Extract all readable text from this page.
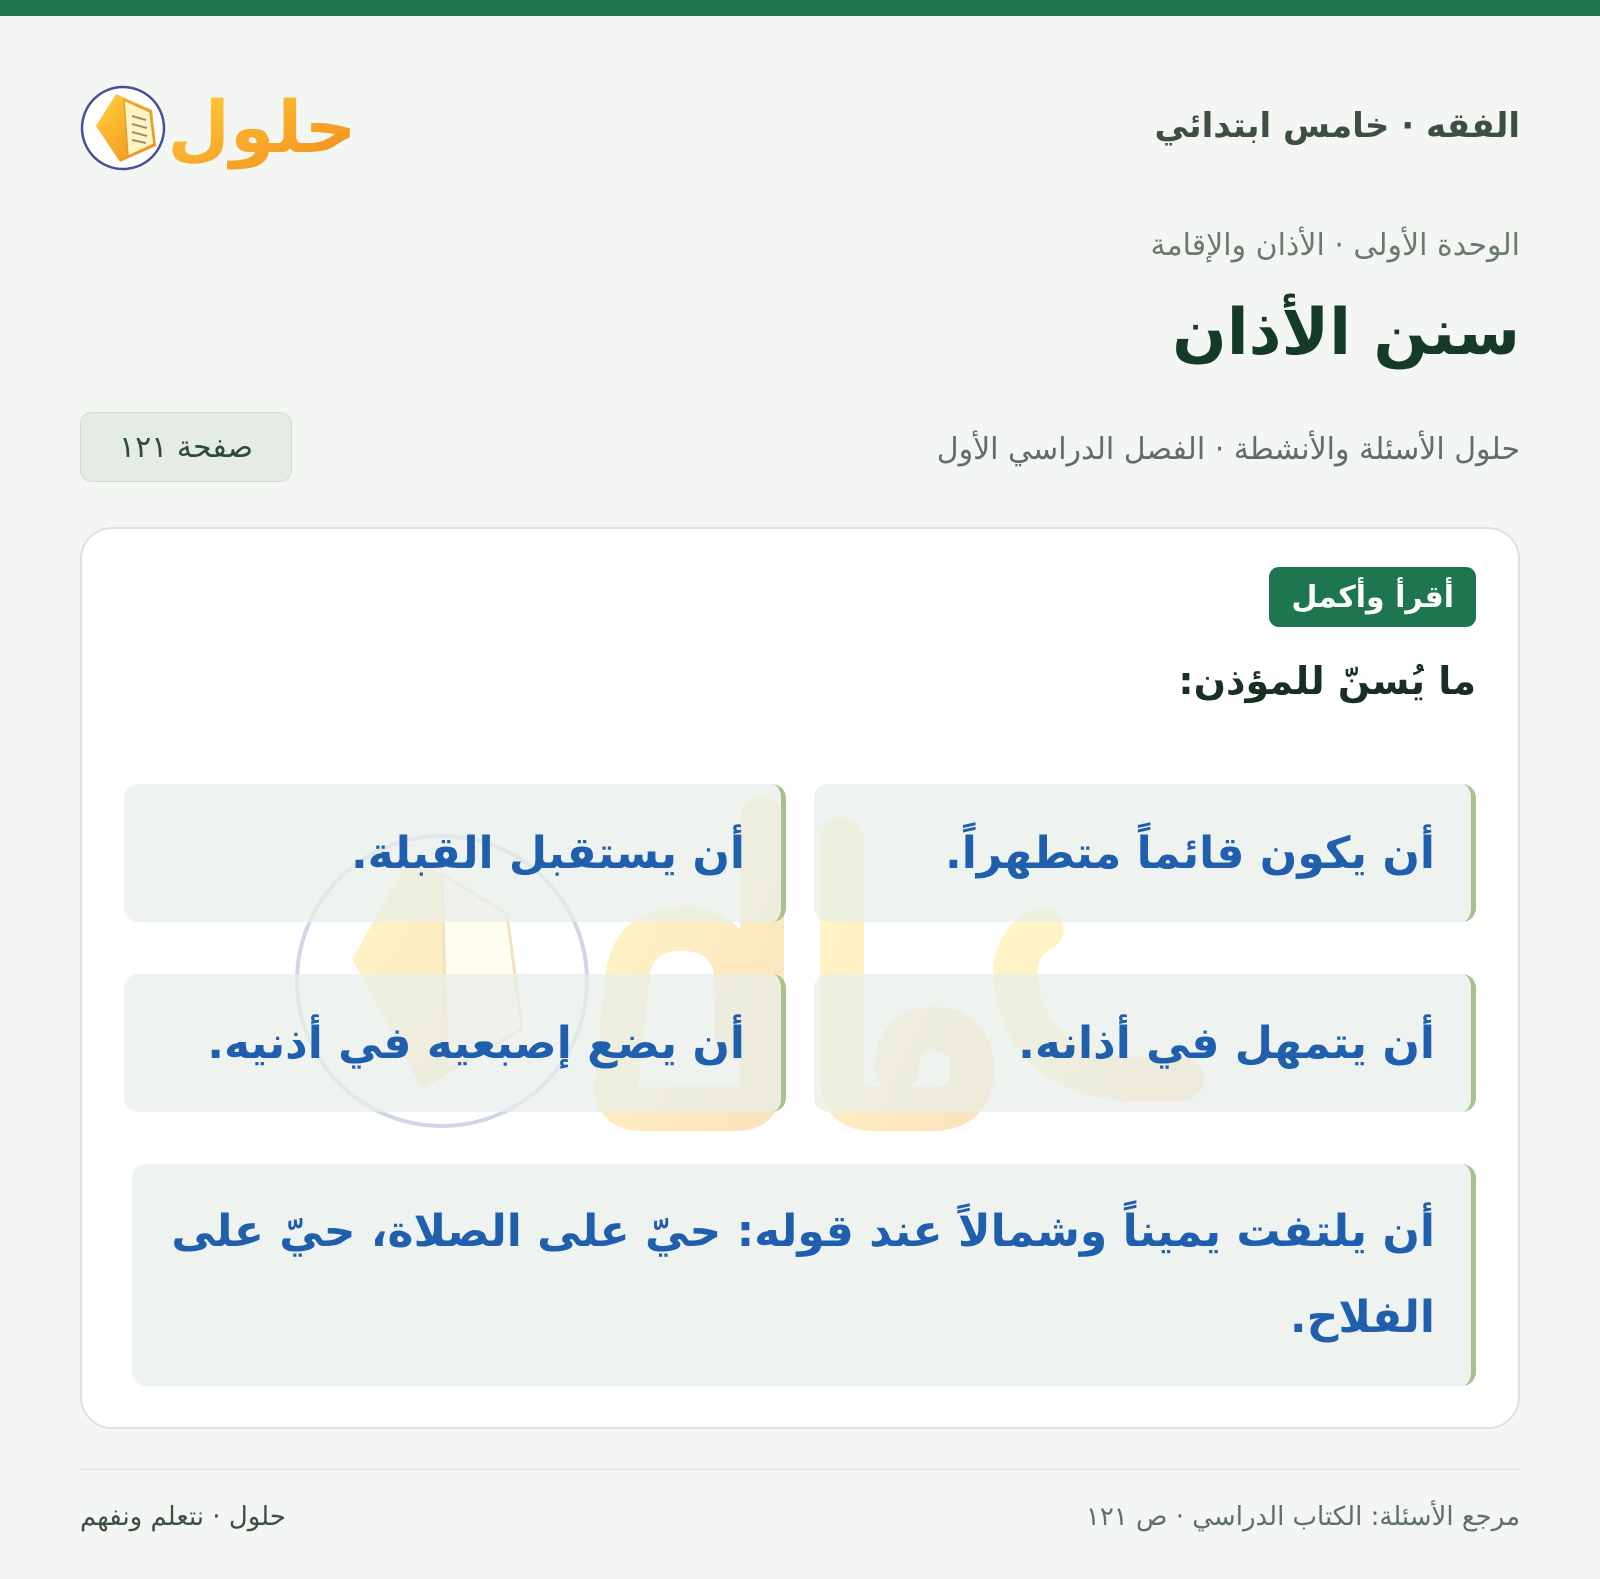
الفقه · خامس ابتدائي
حلول
الوحدة الأولى · الأذان والإقامة
سنن الأذان
حلول الأسئلة والأنشطة · الفصل الدراسي الأول
صفحة ١٢١
أقرأ وأكمل
ما يُسنّ للمؤذن:
أن يكون قائماً متطهراً.
أن يستقبل القبلة.
أن يتمهل في أذانه.
أن يضع إصبعيه في أذنيه.
أن يلتفت يميناً وشمالاً عند قوله: حيّ على الصلاة، حيّ على الفلاح.
مرجع الأسئلة: الكتاب الدراسي · ص ١٢١
حلول · نتعلم ونفهم
